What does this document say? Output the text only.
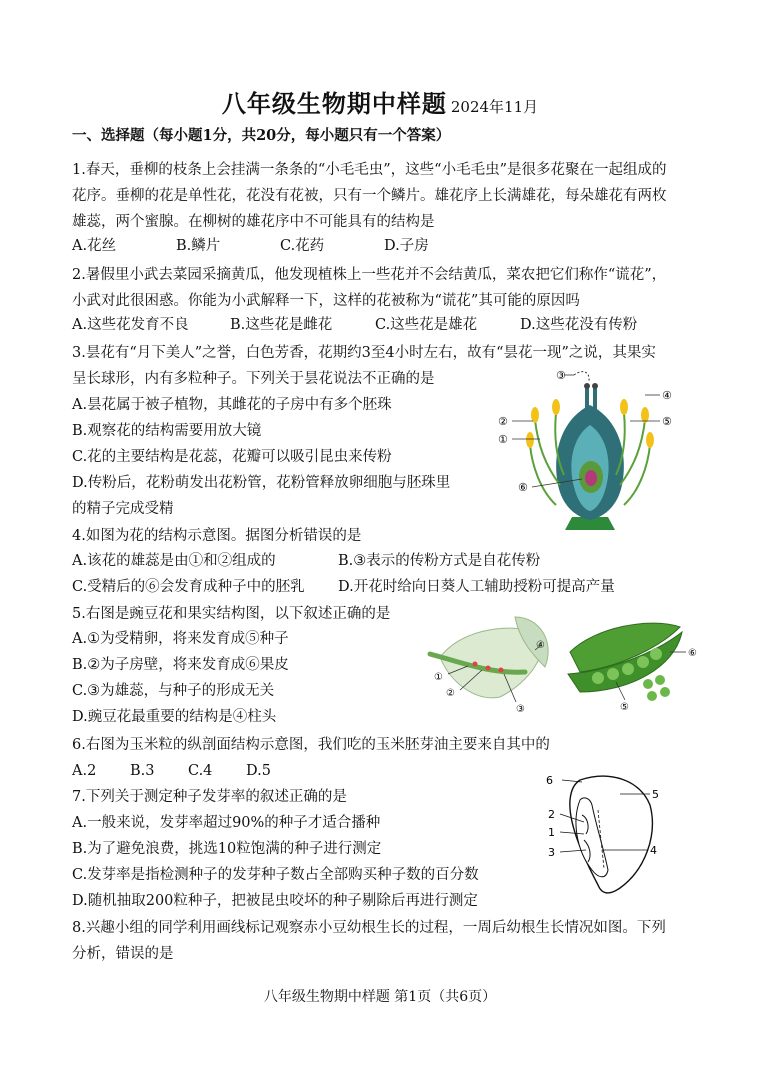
八年级生物期中样题 2024年11月
一、选择题（每小题1分，共20分，每小题只有一个答案）
1.春天，垂柳的枝条上会挂满一条条的“小毛毛虫”，这些“小毛毛虫”是很多花聚在一起组成的
花序。垂柳的花是单性花，花没有花被，只有一个鳞片。雄花序上长满雄花，每朵雄花有两枚
雄蕊，两个蜜腺。在柳树的雄花序中不可能具有的结构是
A.花丝	B.鳞片	C.花药	D.子房
2.暑假里小武去菜园采摘黄瓜，他发现植株上一些花并不会结黄瓜，菜农把它们称作“谎花”，
小武对此很困惑。你能为小武解释一下，这样的花被称为“谎花”其可能的原因吗
A.这些花发育不良	B.这些花是雌花	C.这些花是雄花	D.这些花没有传粉
3.昙花有“月下美人”之誉，白色芳香，花期约3至4小时左右，故有“昙花一现”之说，其果实
呈长球形，内有多粒种子。下列关于昙花说法不正确的是
A.昙花属于被子植物，其雌花的子房中有多个胚珠
B.观察花的结构需要用放大镜
C.花的主要结构是花蕊，花瓣可以吸引昆虫来传粉
D.传粉后，花粉萌发出花粉管，花粉管释放卵细胞与胚珠里
的精子完成受精
③
④
②	⑤
①
⑥
4.如图为花的结构示意图。据图分析错误的是
A.该花的雄蕊是由①和②组成的	B.③表示的传粉方式是自花传粉
C.受精后的⑥会发育成种子中的胚乳 D.开花时给向日葵人工辅助授粉可提高产量
5.右图是豌豆花和果实结构图，以下叙述正确的是
A.①为受精卵，将来发育成⑤种子
B.②为子房壁，将来发育成⑥果皮
C.③为雄蕊，与种子的形成无关
D.豌豆花最重要的结构是④柱头
④
①
②
③
⑥
⑤
6.右图为玉米粒的纵剖面结构示意图，我们吃的玉米胚芽油主要来自其中的
A.2 B.3 C.4 D.5
7.下列关于测定种子发芽率的叙述正确的是
A.一般来说，发芽率超过90%的种子才适合播种
B.为了避免浪费，挑选10粒饱满的种子进行测定
C.发芽率是指检测种子的发芽种子数占全部购买种子数的百分数
D.随机抽取200粒种子，把被昆虫咬坏的种子剔除后再进行测定
6
5
2
1
3	4
8.兴趣小组的同学利用画线标记观察赤小豆幼根生长的过程，一周后幼根生长情况如图。下列
分析，错误的是
八年级生物期中样题 第1页（共6页）
